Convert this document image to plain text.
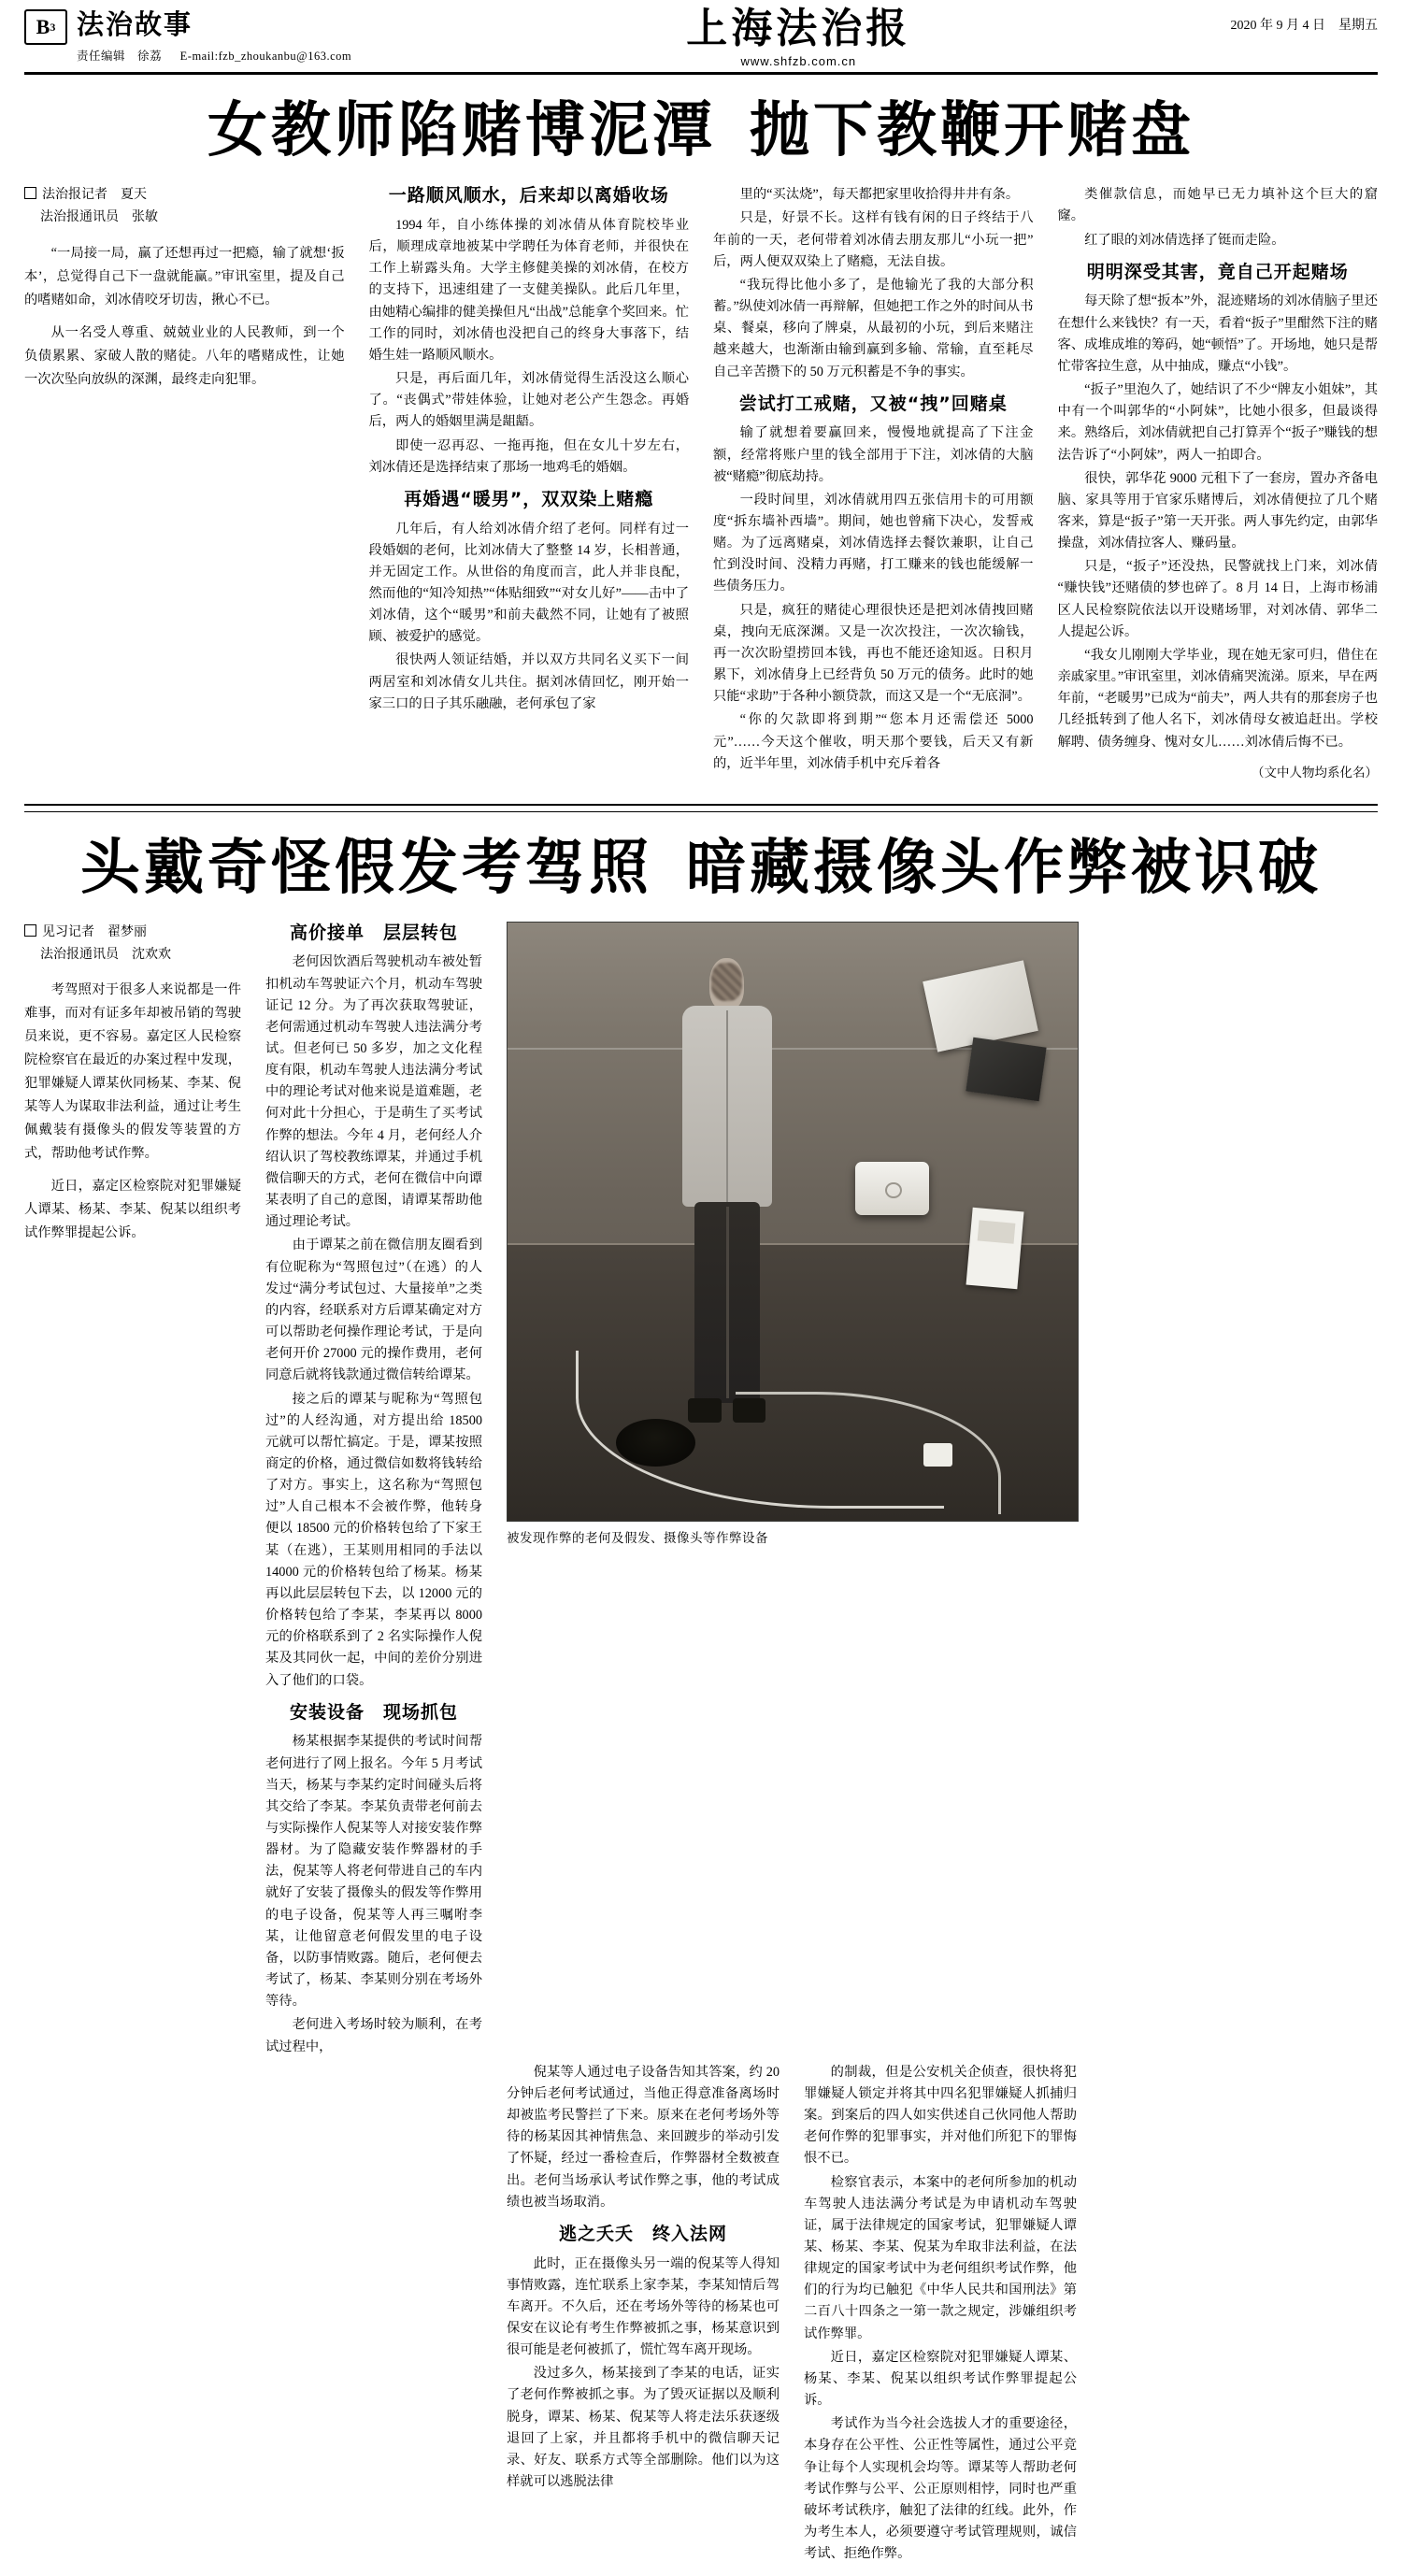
B 3 法治故事
责任编辑　徐荔 E-mail:fzb_zhoukanbu@163.com
上海法治报
www.shfzb.com.cn
2020 年 9 月 4 日　星期五
女教师陷赌博泥潭 抛下教鞭开赌盘
法治报记者　夏天
法治报通讯员　张敏

“一局接一局，赢了还想再过一把瘾，输了就想‘扳本’，总觉得自己下一盘就能赢。”审讯室里，提及自己的嗜赌如命，刘冰倩咬牙切齿，揪心不已。

从一名受人尊重、兢兢业业的人民教师，到一个负债累累、家破人散的赌徒。八年的嗜赌成性，让她一次次坠向放纵的深渊，最终走向犯罪。

一路顺风顺水，后来却以离婚收场

1994 年，自小练体操的刘冰倩从体育院校毕业后，顺理成章地被某中学聘任为体育老师，并很快在工作上崭露头角。大学主修健美操的刘冰倩，在校方的支持下，迅速组建了一支健美操队。此后几年里，由她精心编排的健美操但凡“出战”总能拿个奖回来。忙工作的同时，刘冰倩也没把自己的终身大事落下，结婚生娃一路顺风顺水。

只是，再后面几年，刘冰倩觉得生活没这么顺心了。“丧偶式”带娃体验，让她对老公产生怨念。再婚后，两人的婚姻里满是龃龉。

即使一忍再忍、一拖再拖，但在女儿十岁左右，刘冰倩还是选择结束了那场一地鸡毛的婚姻。

再婚遇“暖男”，双双染上赌瘾

几年后，有人给刘冰倩介绍了老何。同样有过一段婚姻的老何，比刘冰倩大了整整 14 岁，长相普通，并无固定工作。从世俗的角度而言，此人并非良配，然而他的“知冷知热”“体贴细致”“对女儿好”——击中了刘冰倩，这个“暖男”和前夫截然不同，让她有了被照顾、被爱护的感觉。

很快两人领证结婚，并以双方共同名义买下一间两居室和刘冰倩女儿共住。据刘冰倩回忆，刚开始一家三口的日子其乐融融，老何承包了家

里的“买汰烧”，每天都把家里收拾得井井有条。

只是，好景不长。这样有钱有闲的日子终结于八年前的一天，老何带着刘冰倩去朋友那儿“小玩一把”后，两人便双双染上了赌瘾，无法自拔。

“我玩得比他小多了，是他输光了我的大部分积蓄。”纵使刘冰倩一再辩解，但她把工作之外的时间从书桌、餐桌，移向了牌桌，从最初的小玩，到后来赌注越来越大，也渐渐由输到赢到多输、常输，直至耗尽自己辛苦攒下的 50 万元积蓄是不争的事实。

尝试打工戒赌，又被“拽”回赌桌

输了就想着要赢回来，慢慢地就提高了下注金额，经常将账户里的钱全部用于下注，刘冰倩的大脑被“赌瘾”彻底劫持。

一段时间里，刘冰倩就用四五张信用卡的可用额度“拆东墙补西墙”。期间，她也曾痛下决心，发誓戒赌。为了远离赌桌，刘冰倩选择去餐饮兼职，让自己忙到没时间、没精力再赌，打工赚来的钱也能缓解一些债务压力。

只是，疯狂的赌徒心理很快还是把刘冰倩拽回赌桌，拽向无底深渊。又是一次次投注，一次次输钱，再一次次盼望捞回本钱，再也不能还途知返。日积月累下，刘冰倩身上已经背负 50 万元的债务。此时的她只能“求助”于各种小额贷款，而这又是一个“无底洞”。

“你的欠款即将到期”“您本月还需偿还 5000 元”……今天这个催收，明天那个要钱，后天又有新的，近半年里，刘冰倩手机中充斥着各

类催款信息，而她早已无力填补这个巨大的窟窿。

红了眼的刘冰倩选择了铤而走险。

明明深受其害，竟自己开起赌场

每天除了想“扳本”外，混迹赌场的刘冰倩脑子里还在想什么来钱快？有一天，看着“扳子”里酣然下注的赌客、成堆成堆的筹码，她“顿悟”了。开场地，她只是帮忙带客拉生意，从中抽成，赚点“小钱”。

“扳子”里泡久了，她结识了不少“牌友小姐妹”，其中有一个叫郭华的“小阿妹”，比她小很多，但最谈得来。熟络后，刘冰倩就把自己打算弄个“扳子”赚钱的想法告诉了“小阿妹”，两人一拍即合。

很快，郭华花 9000 元租下了一套房，置办齐备电脑、家具等用于官家乐赌博后，刘冰倩便拉了几个赌客来，算是“扳子”第一天开张。两人事先约定，由郭华操盘，刘冰倩拉客人、赚码量。

只是，“扳子”还没热，民警就找上门来，刘冰倩“赚快钱”还赌债的梦也碎了。8 月 14 日，上海市杨浦区人民检察院依法以开设赌场罪，对刘冰倩、郭华二人提起公诉。

“我女儿刚刚大学毕业，现在她无家可归，借住在亲戚家里。”审讯室里，刘冰倩痛哭流涕。原来，早在两年前，“老暖男”已成为“前夫”，两人共有的那套房子也几经抵转到了他人名下，刘冰倩母女被追赶出。学校解聘、债务缠身、愧对女儿……刘冰倩后悔不已。

（文中人物均系化名）
头戴奇怪假发考驾照 暗藏摄像头作弊被识破
见习记者　翟梦丽
法治报通讯员　沈欢欢

考驾照对于很多人来说都是一件难事，而对有证多年却被吊销的驾驶员来说，更不容易。嘉定区人民检察院检察官在最近的办案过程中发现，犯罪嫌疑人谭某伙同杨某、李某、倪某等人为谋取非法利益，通过让考生佩戴装有摄像头的假发等装置的方式，帮助他考试作弊。

近日，嘉定区检察院对犯罪嫌疑人谭某、杨某、李某、倪某以组织考试作弊罪提起公诉。

高价接单　层层转包

老何因饮酒后驾驶机动车被处暂扣机动车驾驶证六个月，机动车驾驶证记 12 分。为了再次获取驾驶证，老何需通过机动车驾驶人违法满分考试。但老何已 50 多岁，加之文化程度有限，机动车驾驶人违法满分考试中的理论考试对他来说是道难题，老何对此十分担心，于是萌生了买考试作弊的想法。今年 4 月，老何经人介绍认识了驾校教练谭某，并通过手机微信聊天的方式，老何在微信中向谭某表明了自己的意图，请谭某帮助他通过理论考试。

由于谭某之前在微信朋友圈看到有位昵称为“驾照包过”（在逃）的人发过“满分考试包过、大量接单”之类的内容，经联系对方后谭某确定对方可以帮助老何操作理论考试，于是向老何开价 27000 元的操作费用，老何同意后就将钱款通过微信转给谭某。

接之后的谭某与昵称为“驾照包过”的人经沟通，对方提出给 18500 元就可以帮忙搞定。于是，谭某按照商定的价格，通过微信如数将钱转给了对方。事实上，这名称为“驾照包过”人自己根本不会被作弊，他转身便以 18500 元的价格转包给了下家王某（在逃），王某则用相同的手法以 14000 元的价格转包给了杨某。杨某再以此层层转包下去，以 12000 元的价格转包给了李某，李某再以 8000 元的价格联系到了 2 名实际操作人倪某及其同伙一起，中间的差价分别进入了他们的口袋。

安装设备　现场抓包

杨某根据李某提供的考试时间帮老何进行了网上报名。今年 5 月考试当天，杨某与李某约定时间碰头后将其交给了李某。李某负责带老何前去与实际操作人倪某等人对接安装作弊器材。为了隐藏安装作弊器材的手法，倪某等人将老何带进自己的车内就好了安装了摄像头的假发等作弊用的电子设备，倪某等人再三嘱咐李某，让他留意老何假发里的电子设备，以防事情败露。随后，老何便去考试了，杨某、李某则分别在考场外等待。

老何进入考场时较为顺利，在考试过程中，

被发现作弊的老何及假发、摄像头等作弊设备

倪某等人通过电子设备告知其答案，约 20 分钟后老何考试通过，当他正得意准备离场时却被监考民警拦了下来。原来在老何考场外等待的杨某因其神情焦急、来回踱步的举动引发了怀疑，经过一番检查后，作弊器材全数被查出。老何当场承认考试作弊之事，他的考试成绩也被当场取消。

逃之夭夭　终入法网

此时，正在摄像头另一端的倪某等人得知事情败露，连忙联系上家李某，李某知情后驾车离开。不久后，还在考场外等待的杨某也可保安在议论有考生作弊被抓之事，杨某意识到很可能是老何被抓了，慌忙驾车离开现场。

没过多久，杨某接到了李某的电话，证实了老何作弊被抓之事。为了毁灭证据以及顺利脱身，谭某、杨某、倪某等人将走法乐获逐级退回了上家，并且都将手机中的微信聊天记录、好友、联系方式等全部删除。他们以为这样就可以逃脱法律

的制裁，但是公安机关企侦查，很快将犯罪嫌疑人锁定并将其中四名犯罪嫌疑人抓捕归案。到案后的四人如实供述自己伙同他人帮助老何作弊的犯罪事实，并对他们所犯下的罪悔恨不已。

检察官表示，本案中的老何所参加的机动车驾驶人违法满分考试是为申请机动车驾驶证，属于法律规定的国家考试，犯罪嫌疑人谭某、杨某、李某、倪某为牟取非法利益，在法律规定的国家考试中为老何组织考试作弊，他们的行为均已触犯《中华人民共和国刑法》第二百八十四条之一第一款之规定，涉嫌组织考试作弊罪。

近日，嘉定区检察院对犯罪嫌疑人谭某、杨某、李某、倪某以组织考试作弊罪提起公诉。

考试作为当今社会选拔人才的重要途径，本身存在公平性、公正性等属性，通过公平竞争让每个人实现机会均等。谭某等人帮助老何考试作弊与公平、公正原则相悖，同时也严重破坏考试秩序，触犯了法律的红线。此外，作为考生本人，必须要遵守考试管理规则，诚信考试、拒绝作弊。
